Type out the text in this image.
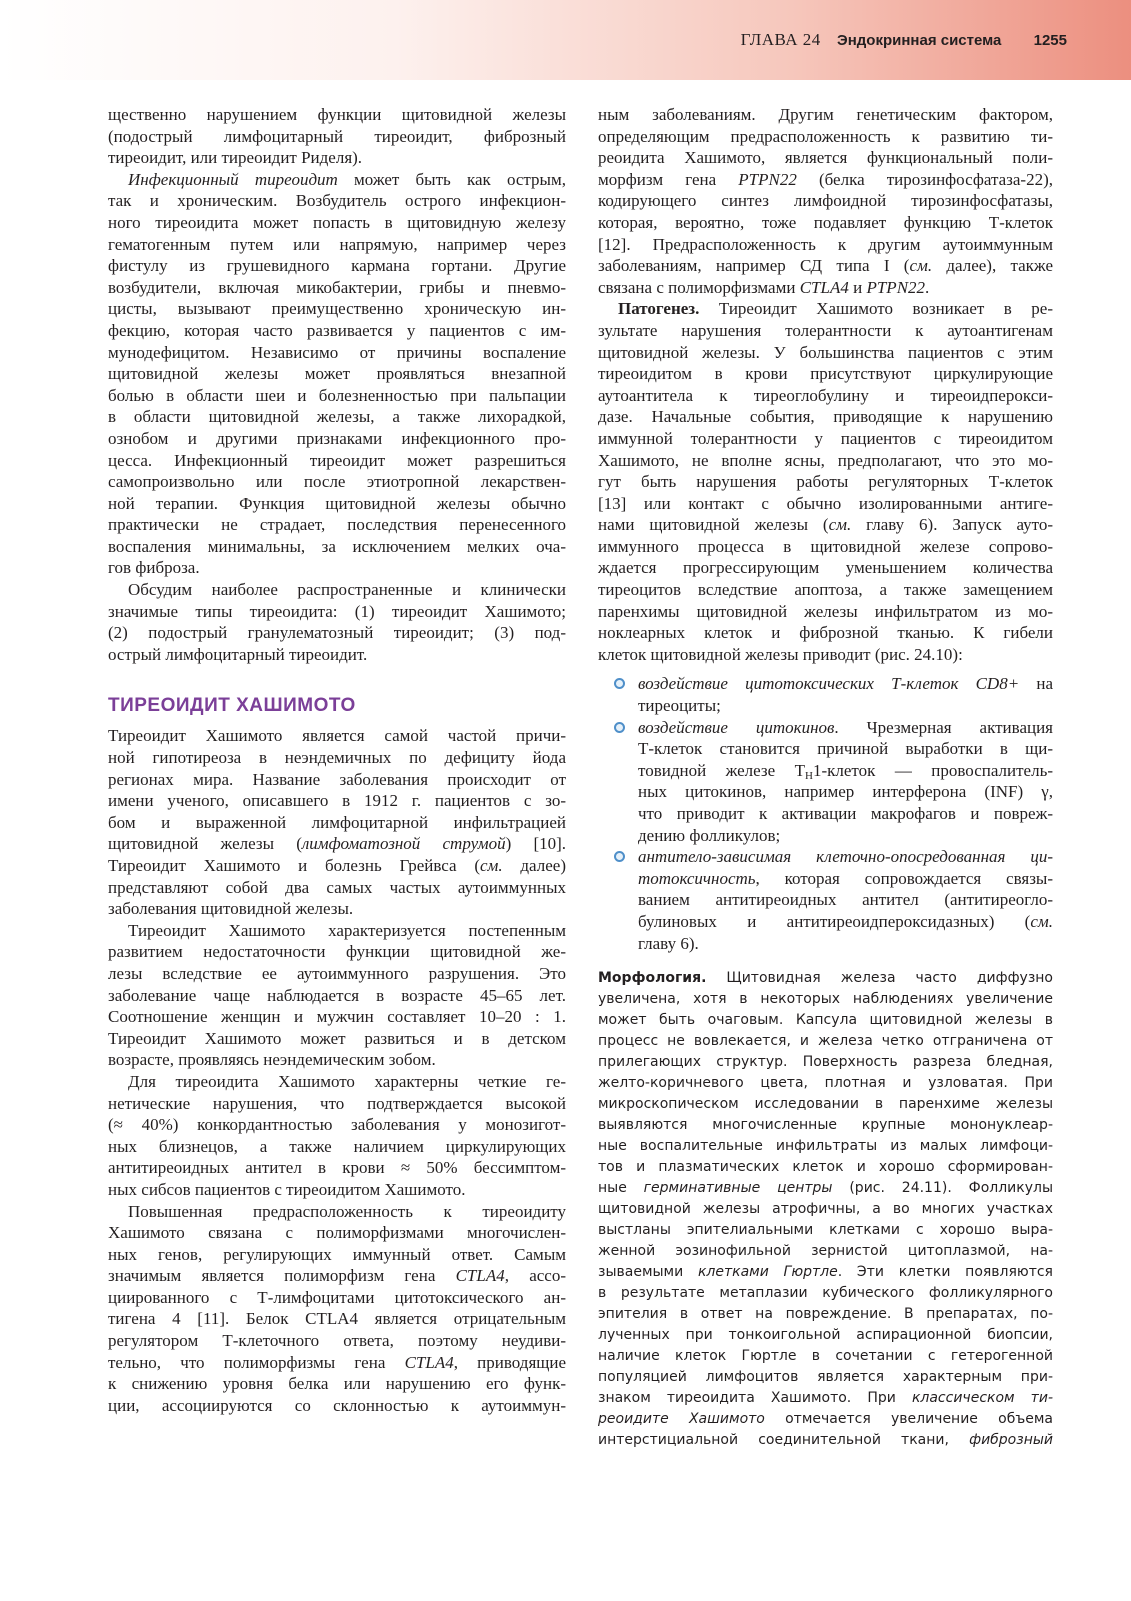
ГЛАВА 24 Эндокринная система 1255
щественно нарушением функции щитовидной железы
(подострый лимфоцитарный тиреоидит, фиброзный
тиреоидит, или тиреоидит Риделя).
Инфекционный тиреоидит может быть как острым,
так и хроническим. Возбудитель острого инфекцион-
ного тиреоидита может попасть в щитовидную железу
гематогенным путем или напрямую, например через
фистулу из грушевидного кармана гортани. Другие
возбудители, включая микобактерии, грибы и пневмо-
цисты, вызывают преимущественно хроническую ин-
фекцию, которая часто развивается у пациентов с им-
мунодефицитом. Независимо от причины воспаление
щитовидной железы может проявляться внезапной
болью в области шеи и болезненностью при пальпации
в области щитовидной железы, а также лихорадкой,
ознобом и другими признаками инфекционного про-
цесса. Инфекционный тиреоидит может разрешиться
самопроизвольно или после этиотропной лекарствен-
ной терапии. Функция щитовидной железы обычно
практически не страдает, последствия перенесенного
воспаления минимальны, за исключением мелких оча-
гов фиброза.
Обсудим наиболее распространенные и клинически
значимые типы тиреоидита: (1) тиреоидит Хашимото;
(2) подострый гранулематозный тиреоидит; (3) под-
острый лимфоцитарный тиреоидит.
ТИРЕОИДИТ ХАШИМОТО
Тиреоидит Хашимото является самой частой причи-
ной гипотиреоза в неэндемичных по дефициту йода
регионах мира. Название заболевания происходит от
имени ученого, описавшего в 1912 г. пациентов с зо-
бом и выраженной лимфоцитарной инфильтрацией
щитовидной железы (лимфоматозной струмой) [10].
Тиреоидит Хашимото и болезнь Грейвса (см. далее)
представляют собой два самых частых аутоиммунных
заболевания щитовидной железы.
Тиреоидит Хашимото характеризуется постепенным
развитием недостаточности функции щитовидной же-
лезы вследствие ее аутоиммунного разрушения. Это
заболевание чаще наблюдается в возрасте 45–65 лет.
Соотношение женщин и мужчин составляет 10–20 : 1.
Тиреоидит Хашимото может развиться и в детском
возрасте, проявляясь неэндемическим зобом.
Для тиреоидита Хашимото характерны четкие ге-
нетические нарушения, что подтверждается высокой
(≈ 40%) конкордантностью заболевания у монозигот-
ных близнецов, а также наличием циркулирующих
антитиреоидных антител в крови ≈ 50% бессимптом-
ных сибсов пациентов с тиреоидитом Хашимото.
Повышенная предрасположенность к тиреоидиту
Хашимото связана с полиморфизмами многочислен-
ных генов, регулирующих иммунный ответ. Самым
значимым является полиморфизм гена CTLA4, ассо-
циированного с Т-лимфоцитами цитотоксического ан-
тигена 4 [11]. Белок CTLA4 является отрицательным
регулятором Т-клеточного ответа, поэтому неудиви-
тельно, что полиморфизмы гена CTLA4, приводящие
к снижению уровня белка или нарушению его функ-
ции, ассоциируются со склонностью к аутоиммун-
ным заболеваниям. Другим генетическим фактором,
определяющим предрасположенность к развитию ти-
реоидита Хашимото, является функциональный поли-
морфизм гена PTPN22 (белка тирозинфосфатаза-22),
кодирующего синтез лимфоидной тирозинфосфатазы,
которая, вероятно, тоже подавляет функцию Т-клеток
[12]. Предрасположенность к другим аутоиммунным
заболеваниям, например СД типа I (см. далее), также
связана с полиморфизмами CTLA4 и PTPN22.
Патогенез. Тиреоидит Хашимото возникает в ре-
зультате нарушения толерантности к аутоантигенам
щитовидной железы. У большинства пациентов с этим
тиреоидитом в крови присутствуют циркулирующие
аутоантитела к тиреоглобулину и тиреоидперокси-
дазе. Начальные события, приводящие к нарушению
иммунной толерантности у пациентов с тиреоидитом
Хашимото, не вполне ясны, предполагают, что это мо-
гут быть нарушения работы регуляторных Т-клеток
[13] или контакт с обычно изолированными антиге-
нами щитовидной железы (см. главу 6). Запуск ауто-
иммунного процесса в щитовидной железе сопрово-
ждается прогрессирующим уменьшением количества
тиреоцитов вследствие апоптоза, а также замещением
паренхимы щитовидной железы инфильтратом из мо-
ноклеарных клеток и фиброзной тканью. К гибели
клеток щитовидной железы приводит (рис. 24.10):
воздействие цитотоксических Т-клеток CD8+ на
тиреоциты;
воздействие цитокинов. Чрезмерная активация
Т-клеток становится причиной выработки в щи-
товидной железе $Т_Н1$-клеток — провоспалитель-
ных цитокинов, например интерферона (INF) γ,
что приводит к активации макрофагов и повреж-
дению фолликулов;
антитело-зависимая клеточно-опосредованная ци-
тотоксичность, которая сопровождается связы-
ванием антитиреоидных антител (антитиреогло-
булиновых и антитиреоидпероксидазных) (см.
главу 6).
Морфология. Щитовидная железа часто диффузно
увеличена, хотя в некоторых наблюдениях увеличение
может быть очаговым. Капсула щитовидной железы в
процесс не вовлекается, и железа четко отграничена от
прилегающих структур. Поверхность разреза бледная,
желто-коричневого цвета, плотная и узловатая. При
микроскопическом исследовании в паренхиме железы
выявляются многочисленные крупные мононуклеар-
ные воспалительные инфильтраты из малых лимфоци-
тов и плазматических клеток и хорошо сформирован-
ные герминативные центры (рис. 24.11). Фолликулы
щитовидной железы атрофичны, а во многих участках
выстланы эпителиальными клетками с хорошо выра-
женной эозинофильной зернистой цитоплазмой, на-
зываемыми клетками Гюртле. Эти клетки появляются
в результате метаплазии кубического фолликулярного
эпителия в ответ на повреждение. В препаратах, по-
лученных при тонкоигольной аспирационной биопсии,
наличие клеток Гюртле в сочетании с гетерогенной
популяцией лимфоцитов является характерным при-
знаком тиреоидита Хашимото. При классическом ти-
реоидите Хашимото отмечается увеличение объема
интерстициальной соединительной ткани, фиброзный
